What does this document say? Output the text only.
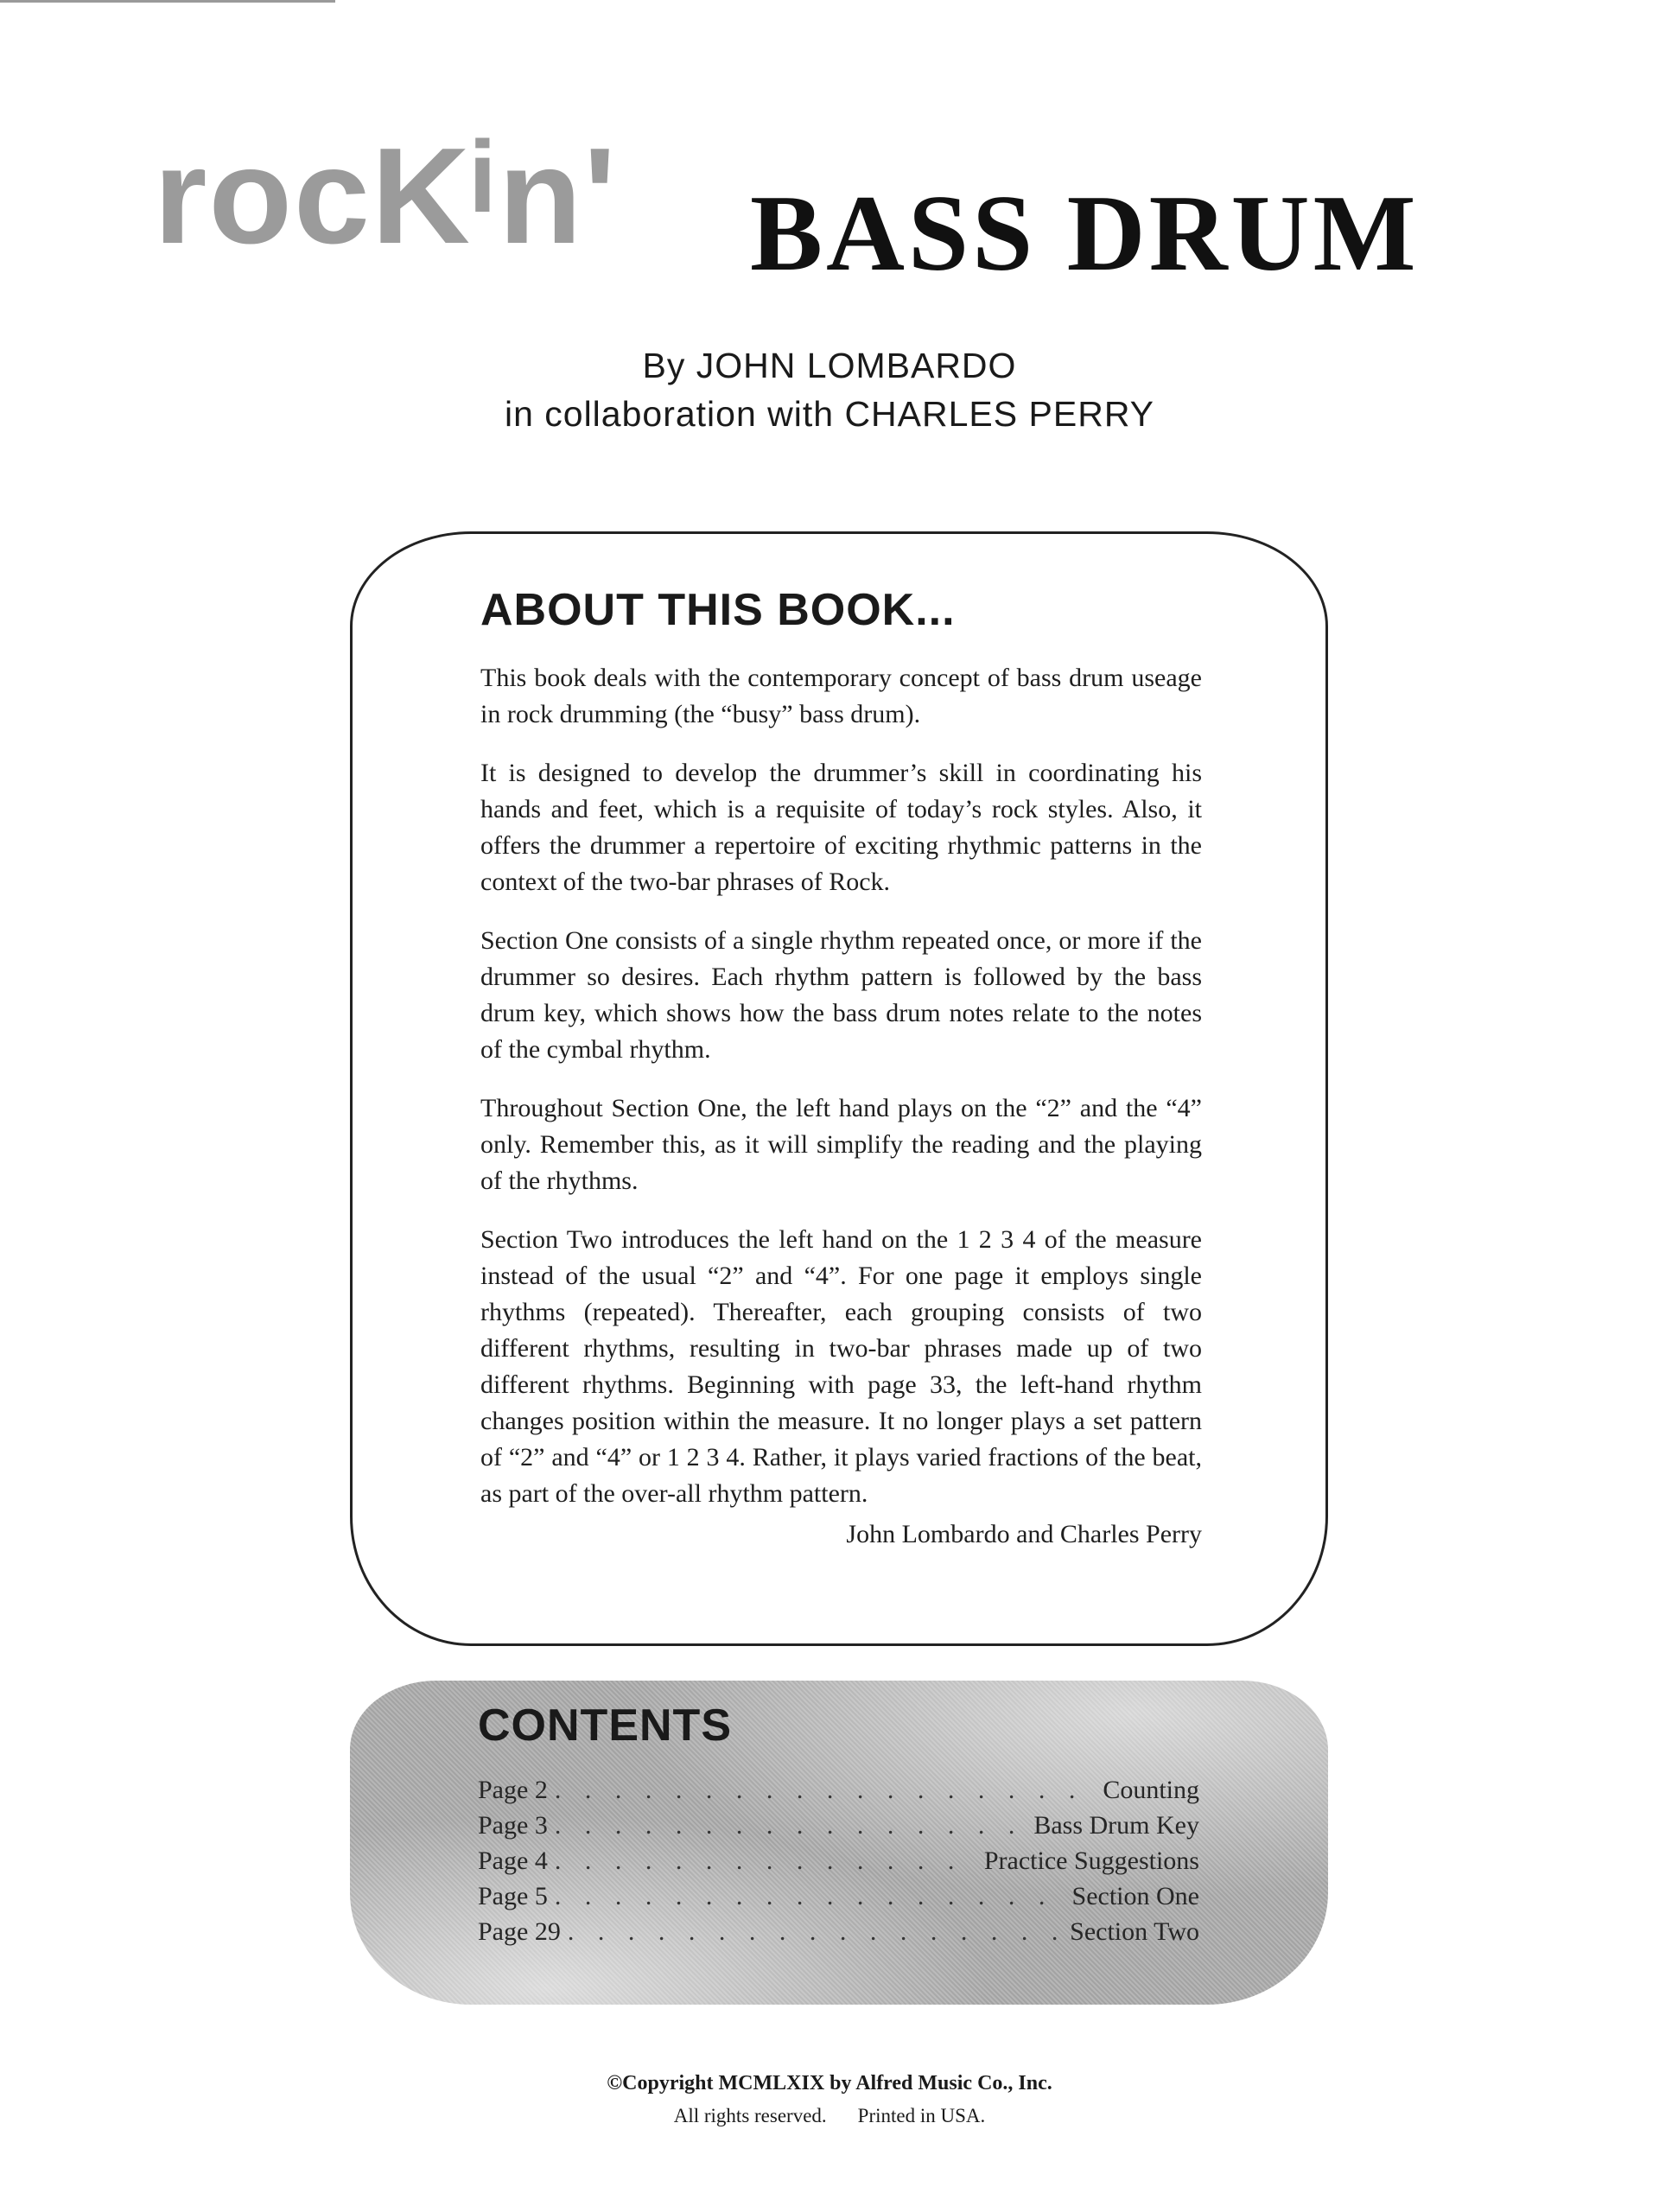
rocK$^i$n' BASS DRUM
By JOHN LOMBARDO
in collaboration with CHARLES PERRY
ABOUT THIS BOOK...

This book deals with the contemporary concept of bass drum useage in rock drumming (the “busy” bass drum).

It is designed to develop the drummer’s skill in coordinating his hands and feet, which is a requisite of today’s rock styles. Also, it offers the drummer a repertoire of exciting rhythmic patterns in the context of the two-bar phrases of Rock.

Section One consists of a single rhythm repeated once, or more if the drummer so desires. Each rhythm pattern is followed by the bass drum key, which shows how the bass drum notes relate to the notes of the cymbal rhythm.

Throughout Section One, the left hand plays on the “2” and the “4” only. Remember this, as it will simplify the reading and the playing of the rhythms.

Section Two introduces the left hand on the 1 2 3 4 of the measure instead of the usual “2” and “4”. For one page it employs single rhythms (repeated). Thereafter, each grouping consists of two different rhythms, resulting in two-bar phrases made up of two different rhythms. Beginning with page 33, the left-hand rhythm changes position within the measure. It no longer plays a set pattern of “2” and “4” or 1 2 3 4. Rather, it plays varied fractions of the beat, as part of the over-all rhythm pattern.

John Lombardo and Charles Perry

CONTENTS
Page 2 . . .	Counting
Page 3 . . .	Bass Drum Key
Page 4 . . .	Practice Suggestions
Page 5 . . .	Section One
Page 29 . . .	Section Two
©Copyright MCMLXIX by Alfred Music Co., Inc.
All rights reserved. Printed in USA.
